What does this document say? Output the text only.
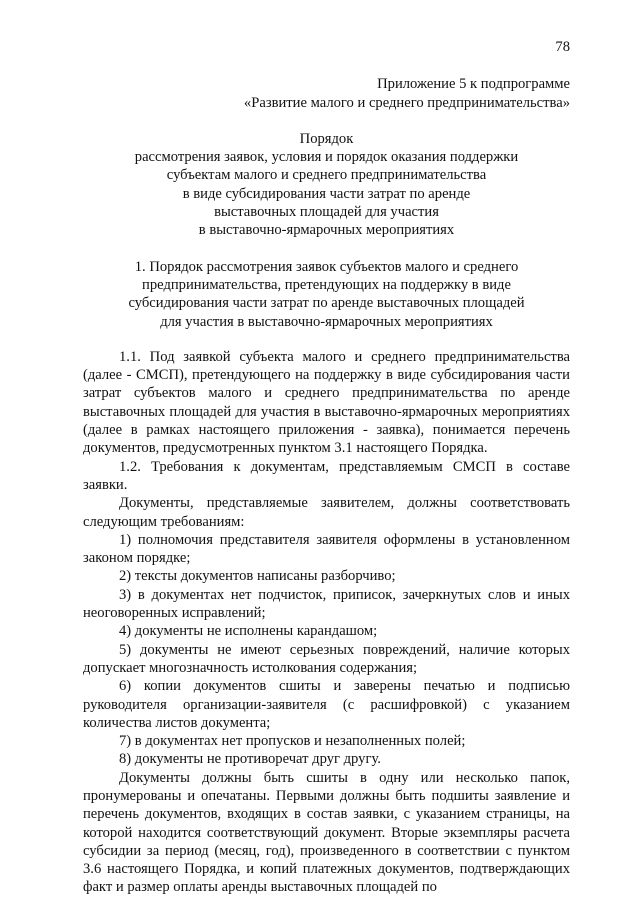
78
Приложение 5 к подпрограмме
«Развитие малого и среднего предпринимательства»
Порядок
рассмотрения заявок, условия и порядок оказания поддержки
субъектам малого и среднего предпринимательства
в виде субсидирования части затрат по аренде
выставочных площадей для участия
в выставочно-ярмарочных мероприятиях
1. Порядок рассмотрения заявок субъектов малого и среднего
предпринимательства, претендующих на поддержку в виде
субсидирования части затрат по аренде выставочных площадей
для участия в выставочно-ярмарочных мероприятиях

1.1. Под заявкой субъекта малого и среднего предпринимательства (далее - СМСП), претендующего на поддержку в виде субсидирования части затрат субъектов малого и среднего предпринимательства по аренде выставочных площадей для участия в выставочно-ярмарочных мероприятиях (далее в рамках настоящего приложения - заявка), понимается перечень документов, предусмотренных пунктом 3.1 настоящего Порядка.

1.2. Требования к документам, представляемым СМСП в составе заявки.

Документы, представляемые заявителем, должны соответствовать следующим требованиям:

1) полномочия представителя заявителя оформлены в установленном законом порядке;

2) тексты документов написаны разборчиво;

3) в документах нет подчисток, приписок, зачеркнутых слов и иных неоговоренных исправлений;

4) документы не исполнены карандашом;

5) документы не имеют серьезных повреждений, наличие которых допускает многозначность истолкования содержания;

6) копии документов сшиты и заверены печатью и подписью руководителя организации-заявителя (с расшифровкой) с указанием количества листов документа;

7) в документах нет пропусков и незаполненных полей;

8) документы не противоречат друг другу.

Документы должны быть сшиты в одну или несколько папок, пронумерованы и опечатаны. Первыми должны быть подшиты заявление и перечень документов, входящих в состав заявки, с указанием страницы, на которой находится соответствующий документ. Вторые экземпляры расчета субсидии за период (месяц, год), произведенного в соответствии с пунктом 3.6 настоящего Порядка, и копий платежных документов, подтверждающих факт и размер оплаты аренды выставочных площадей по
